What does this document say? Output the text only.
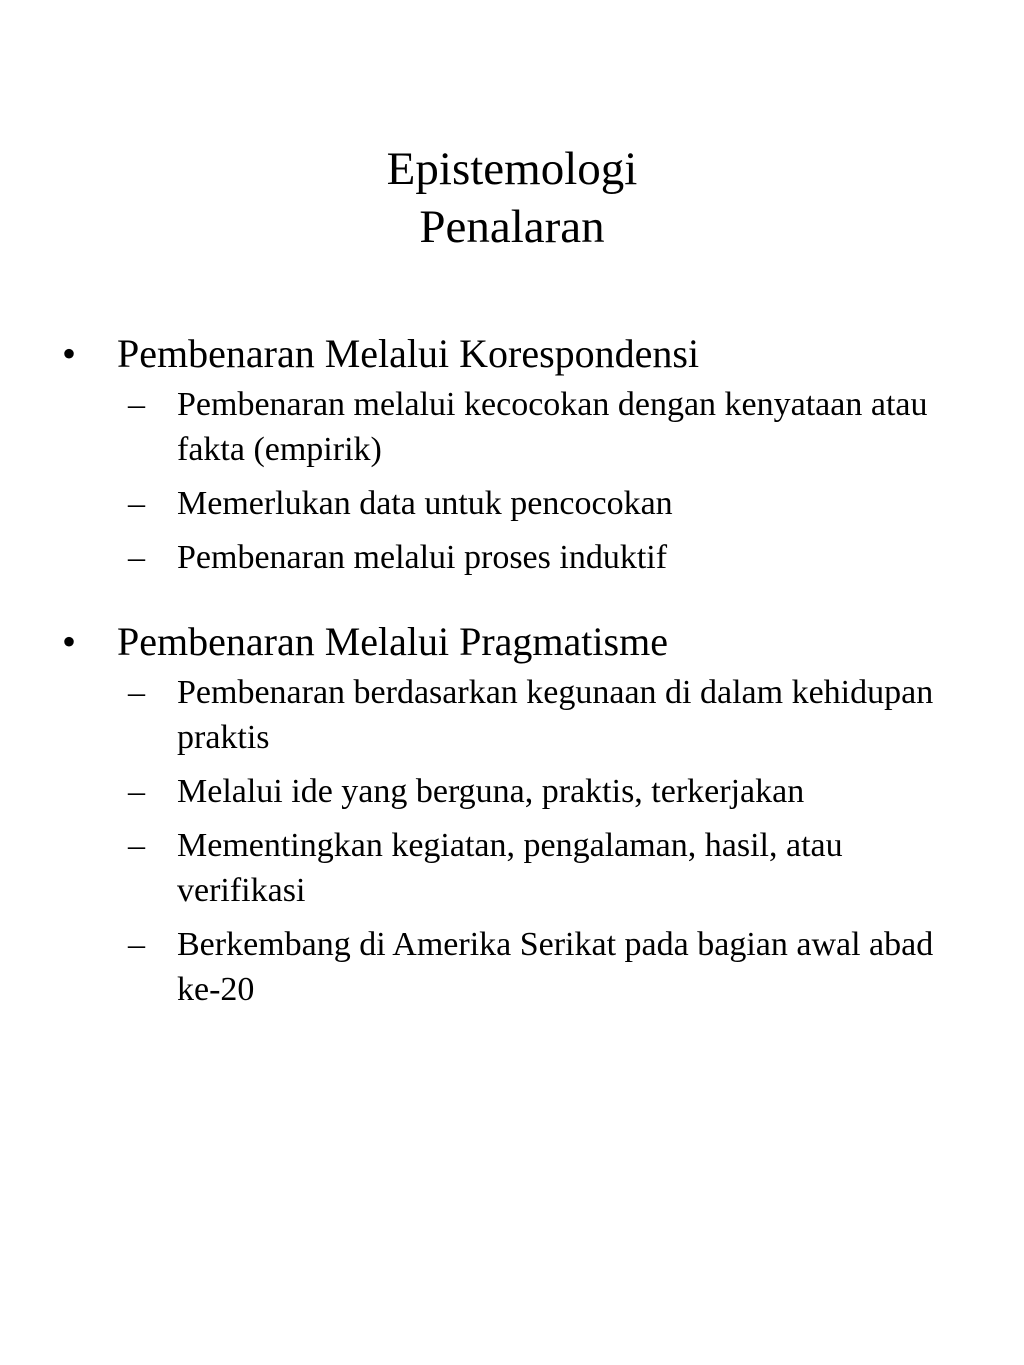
Epistemologi
Penalaran
• Pembenaran Melalui Korespondensi
– Pembenaran melalui kecocokan dengan kenyataan atau fakta (empirik)
– Memerlukan data untuk pencocokan
– Pembenaran melalui proses induktif
• Pembenaran Melalui Pragmatisme
– Pembenaran berdasarkan kegunaan di dalam kehidupan praktis
– Melalui ide yang berguna, praktis, terkerjakan
– Mementingkan kegiatan, pengalaman, hasil, atau verifikasi
– Berkembang di Amerika Serikat pada bagian awal abad ke-20
